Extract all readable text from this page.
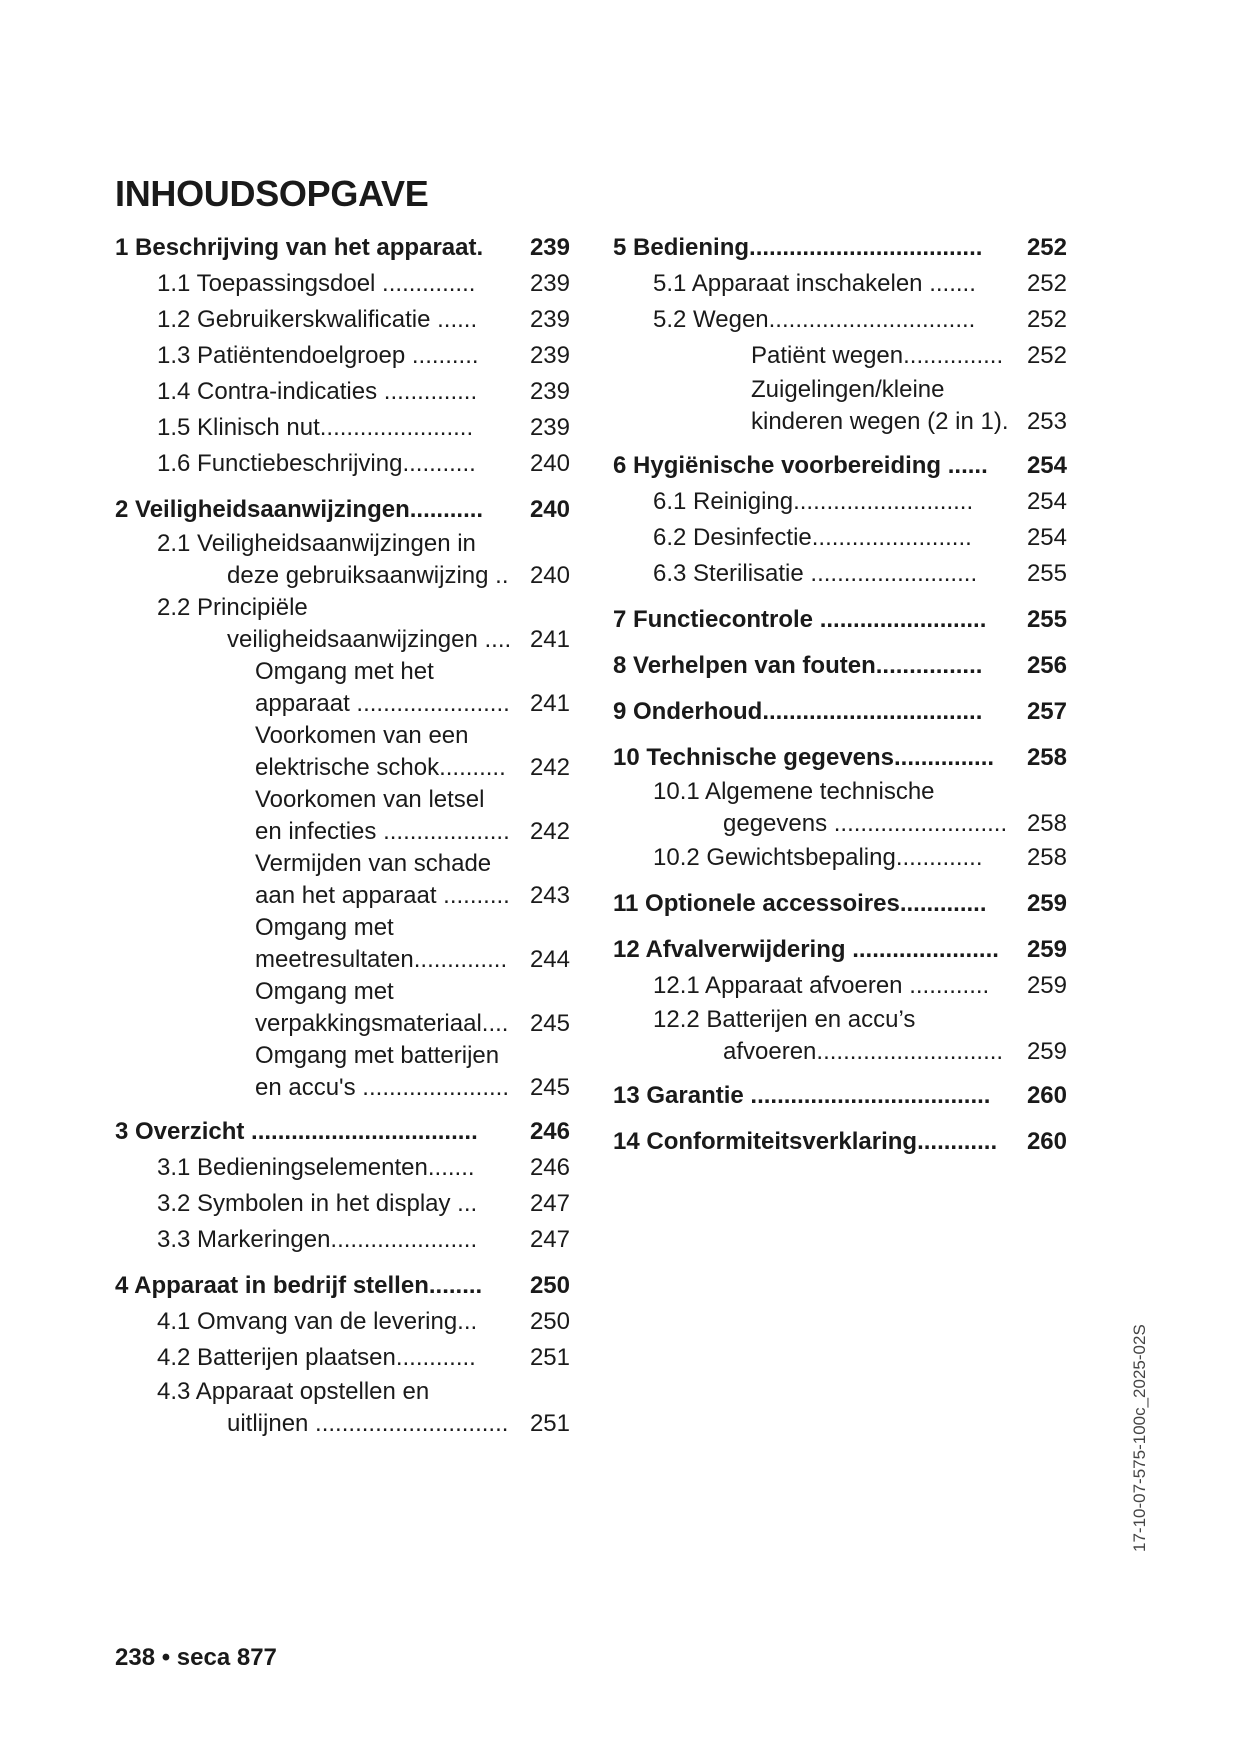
INHOUDSOPGAVE
1 Beschrijving van het apparaat.	239
1.1 Toepassingsdoel ..............	239
1.2 Gebruikerskwalificatie ......	239
1.3 Patiëntendoelgroep ..........	239
1.4 Contra-indicaties ..............	239
1.5 Klinisch nut.......................	239
1.6 Functiebeschrijving...........	240
2 Veiligheidsaanwijzingen...........	240
2.1 Veiligheidsaanwijzingen in
deze gebruiksaanwijzing .. 240
2.2 Principiële
veiligheidsaanwijzingen .... 241
Omgang met het
apparaat ....................... 241
Voorkomen van een
elektrische schok..........	242
Voorkomen van letsel
en infecties ................... 242
Vermijden van schade
aan het apparaat .......... 243
Omgang met
meetresultaten.............. 244
Omgang met
verpakkingsmateriaal.... 245
Omgang met batterijen
en accu's ...................... 245
3 Overzicht ..................................	246
3.1 Bedieningselementen.......	246
3.2 Symbolen in het display ...	247
3.3 Markeringen......................	247
4 Apparaat in bedrijf stellen........	250
4.1 Omvang van de levering...	250
4.2 Batterijen plaatsen............	251
4.3 Apparaat opstellen en
uitlijnen ............................. 251
5 Bediening...................................	252
5.1 Apparaat inschakelen .......	252
5.2 Wegen...............................	252
Patiënt wegen............... 252
Zuigelingen/kleine
kinderen wegen (2 in 1). 253
6 Hygiënische voorbereiding ......	254
6.1 Reiniging...........................	254
6.2 Desinfectie........................	254
6.3 Sterilisatie .........................	255
7 Functiecontrole .........................	255
8 Verhelpen van fouten................	256
9 Onderhoud.................................	257
10 Technische gegevens...............	258
10.1 Algemene technische
gegevens .......................... 258
10.2 Gewichtsbepaling.............	258
11 Optionele accessoires.............	259
12 Afvalverwijdering ......................	259
12.1 Apparaat afvoeren ............	259
12.2 Batterijen en accu’s
afvoeren............................ 259
13 Garantie ....................................	260
14 Conformiteitsverklaring............	260

238 • seca 877

17-10-07-575-100c_2025-02S
